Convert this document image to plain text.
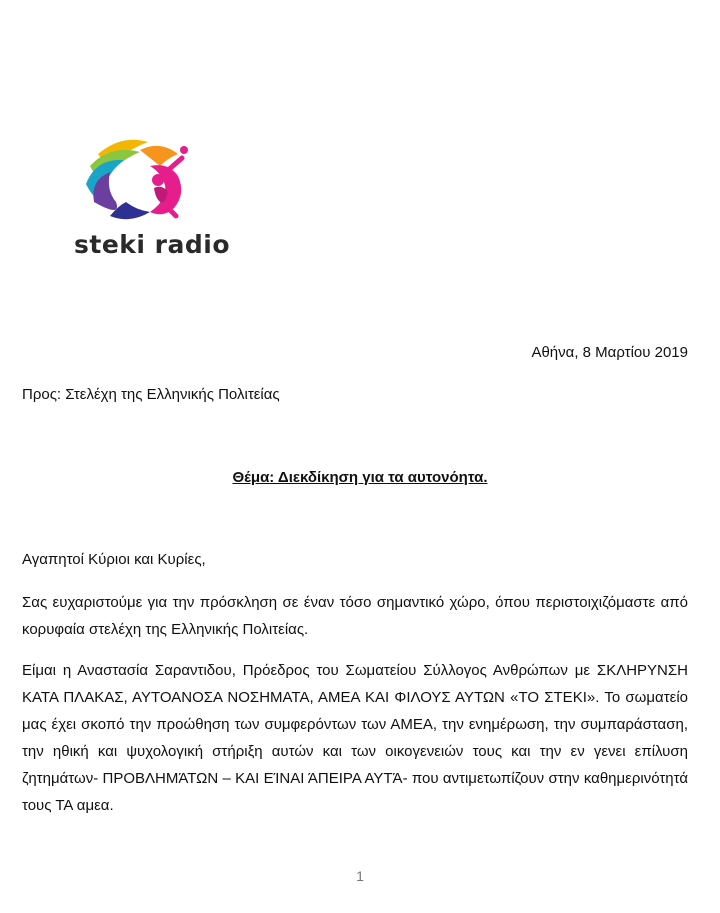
steki radio

Αθήνα, 8 Μαρτίου 2019

Προς: Στελέχη της Ελληνικής Πολιτείας

Θέμα: Διεκδίκηση για τα αυτονόητα.

Αγαπητοί Κύριοι και Κυρίες,

Σας ευχαριστούμε για την πρόσκληση σε έναν τόσο σημαντικό χώρο, όπου περιστοιχιζόμαστε από κορυφαία στελέχη της Ελληνικής Πολιτείας.

Είμαι η Αναστασία Σαραντιδου, Πρόεδρος του Σωματείου Σύλλογος Ανθρώπων με ΣΚΛΗΡΥΝΣΗ ΚΑΤΑ ΠΛΑΚΑΣ, ΑΥΤΟΑΝΟΣΑ ΝΟΣΗΜΑΤΑ, ΑΜΕΑ ΚΑΙ ΦΙΛΟΥΣ ΑΥΤΩΝ «ΤΟ ΣΤΕΚΙ». Το σωματείο μας έχει σκοπό την προώθηση των συμφερόντων των ΑΜΕΑ, την ενημέρωση, την συμπαράσταση, την ηθική και ψυχολογική στήριξη αυτών και των οικογενειών τους και την εν γενει επίλυση ζητημάτων- ΠΡΟΒΛΗΜΆΤΩΝ – ΚΑΙ ΕΊΝΑΙ ΆΠΕΙΡΑ ΑΥΤΆ- που αντιμετωπίζουν στην καθημερινότητά τους ΤΑ αμεα.

1
